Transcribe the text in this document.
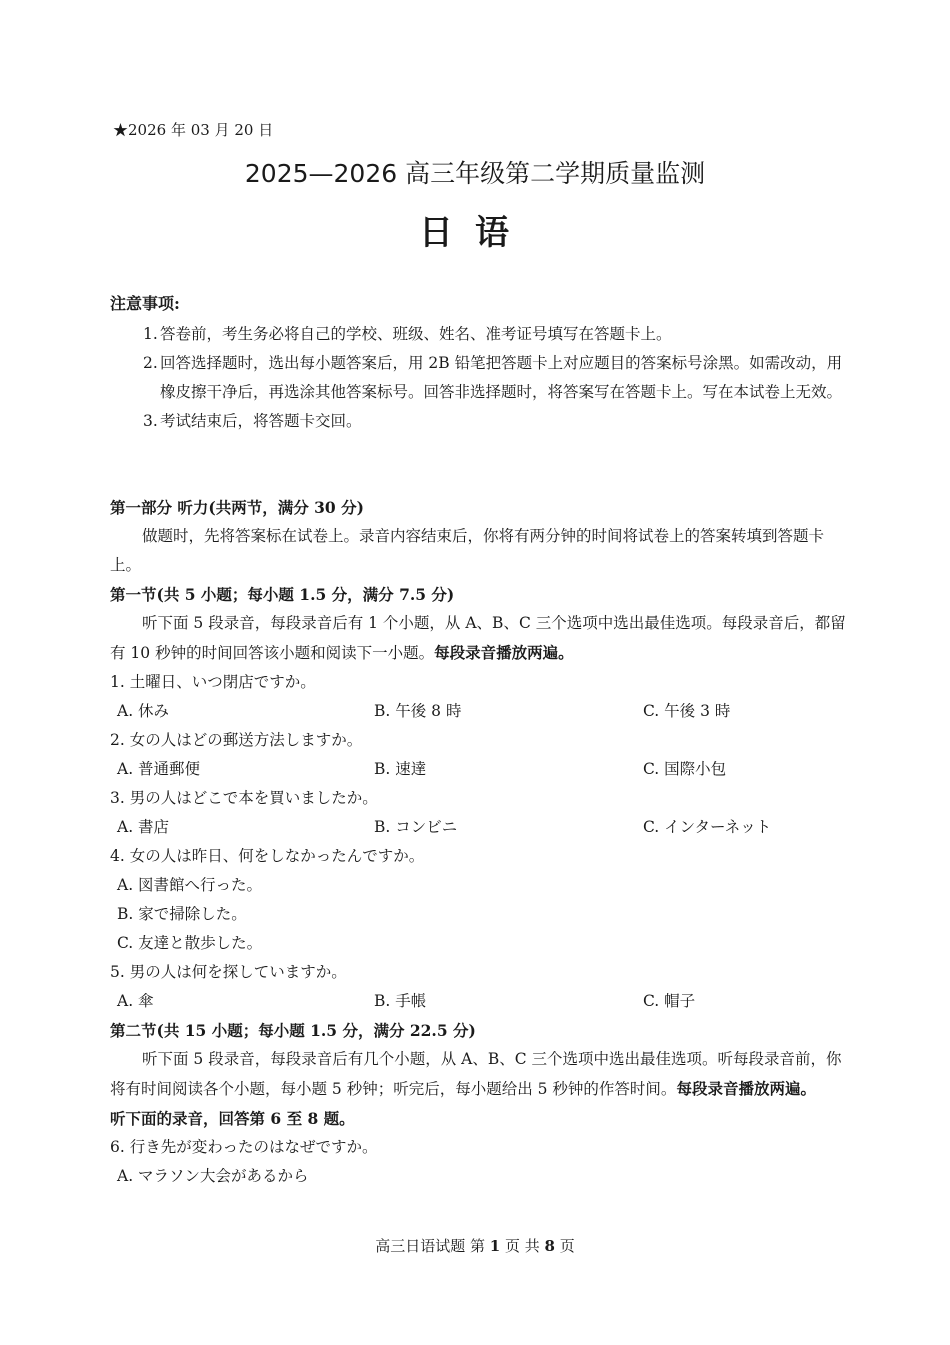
★2026 年 03 月 20 日
2025—2026 高三年级第二学期质量监测
日语
注意事项:
1. 答卷前，考生务必将自己的学校、班级、姓名、准考证号填写在答题卡上。
2. 回答选择题时，选出每小题答案后，用 2B 铅笔把答题卡上对应题目的答案标号涂黑。如需改动，用橡皮擦干净后，再选涂其他答案标号。回答非选择题时，将答案写在答题卡上。写在本试卷上无效。
3. 考试结束后，将答题卡交回。
第一部分 听力(共两节，满分 30 分)
做题时，先将答案标在试卷上。录音内容结束后，你将有两分钟的时间将试卷上的答案转填到答题卡上。
第一节(共 5 小题；每小题 1.5 分，满分 7.5 分)
听下面 5 段录音，每段录音后有 1 个小题，从 A、B、C 三个选项中选出最佳选项。每段录音后，都留有 10 秒钟的时间回答该小题和阅读下一小题。每段录音播放两遍。
1. 土曜日、いつ閉店ですか。
A. 休み	B. 午後 8 時	C. 午後 3 時
2. 女の人はどの郵送方法しますか。
A. 普通郵便	B. 速達	C. 国際小包
3. 男の人はどこで本を買いましたか。
A. 書店	B. コンビニ	C. インターネット
4. 女の人は昨日、何をしなかったんですか。
A. 図書館へ行った。
B. 家で掃除した。
C. 友達と散歩した。
5. 男の人は何を探していますか。
A. 傘	B. 手帳	C. 帽子
第二节(共 15 小题；每小题 1.5 分，满分 22.5 分)
听下面 5 段录音，每段录音后有几个小题，从 A、B、C 三个选项中选出最佳选项。听每段录音前，你将有时间阅读各个小题，每小题 5 秒钟；听完后，每小题给出 5 秒钟的作答时间。每段录音播放两遍。
听下面的录音，回答第 6 至 8 题。
6. 行き先が変わったのはなぜですか。
A. マラソン大会があるから
高三日语试题 第 1 页 共 8 页
